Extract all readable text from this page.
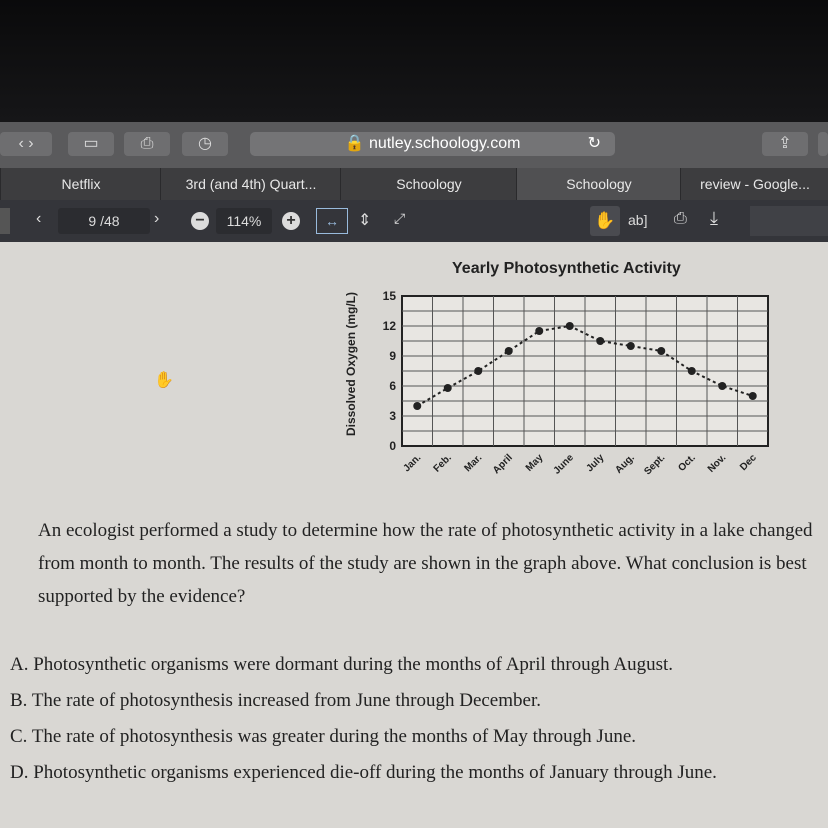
‹ ›	▭	⎙	◷	🔒 nutley.schoology.com	↻	⇪
Netflix	3rd (and 4th) Quart...	Schoology	Schoology	review - Google...
‹	9 /48	› −	114%	+	↔	⇕ ⤢	✋ ab] ⎙ ⤓
Yearly Photosynthetic Activity
0
3
6
9
12
15
Jan. Feb. Mar. April May June July Aug. Sept. Oct. Nov. Dec
Dissolved Oxygen (mg/L)
✋
An ecologist performed a study to determine how the rate of photosynthetic activity in a lake changed from month to month. The results of the study are shown in the graph above. What conclusion is best supported by the evidence?
A. Photosynthetic organisms were dormant during the months of April through August.
B. The rate of photosynthesis increased from June through December.
C. The rate of photosynthesis was greater during the months of May through June.
D. Photosynthetic organisms experienced die-off during the months of January through June.
